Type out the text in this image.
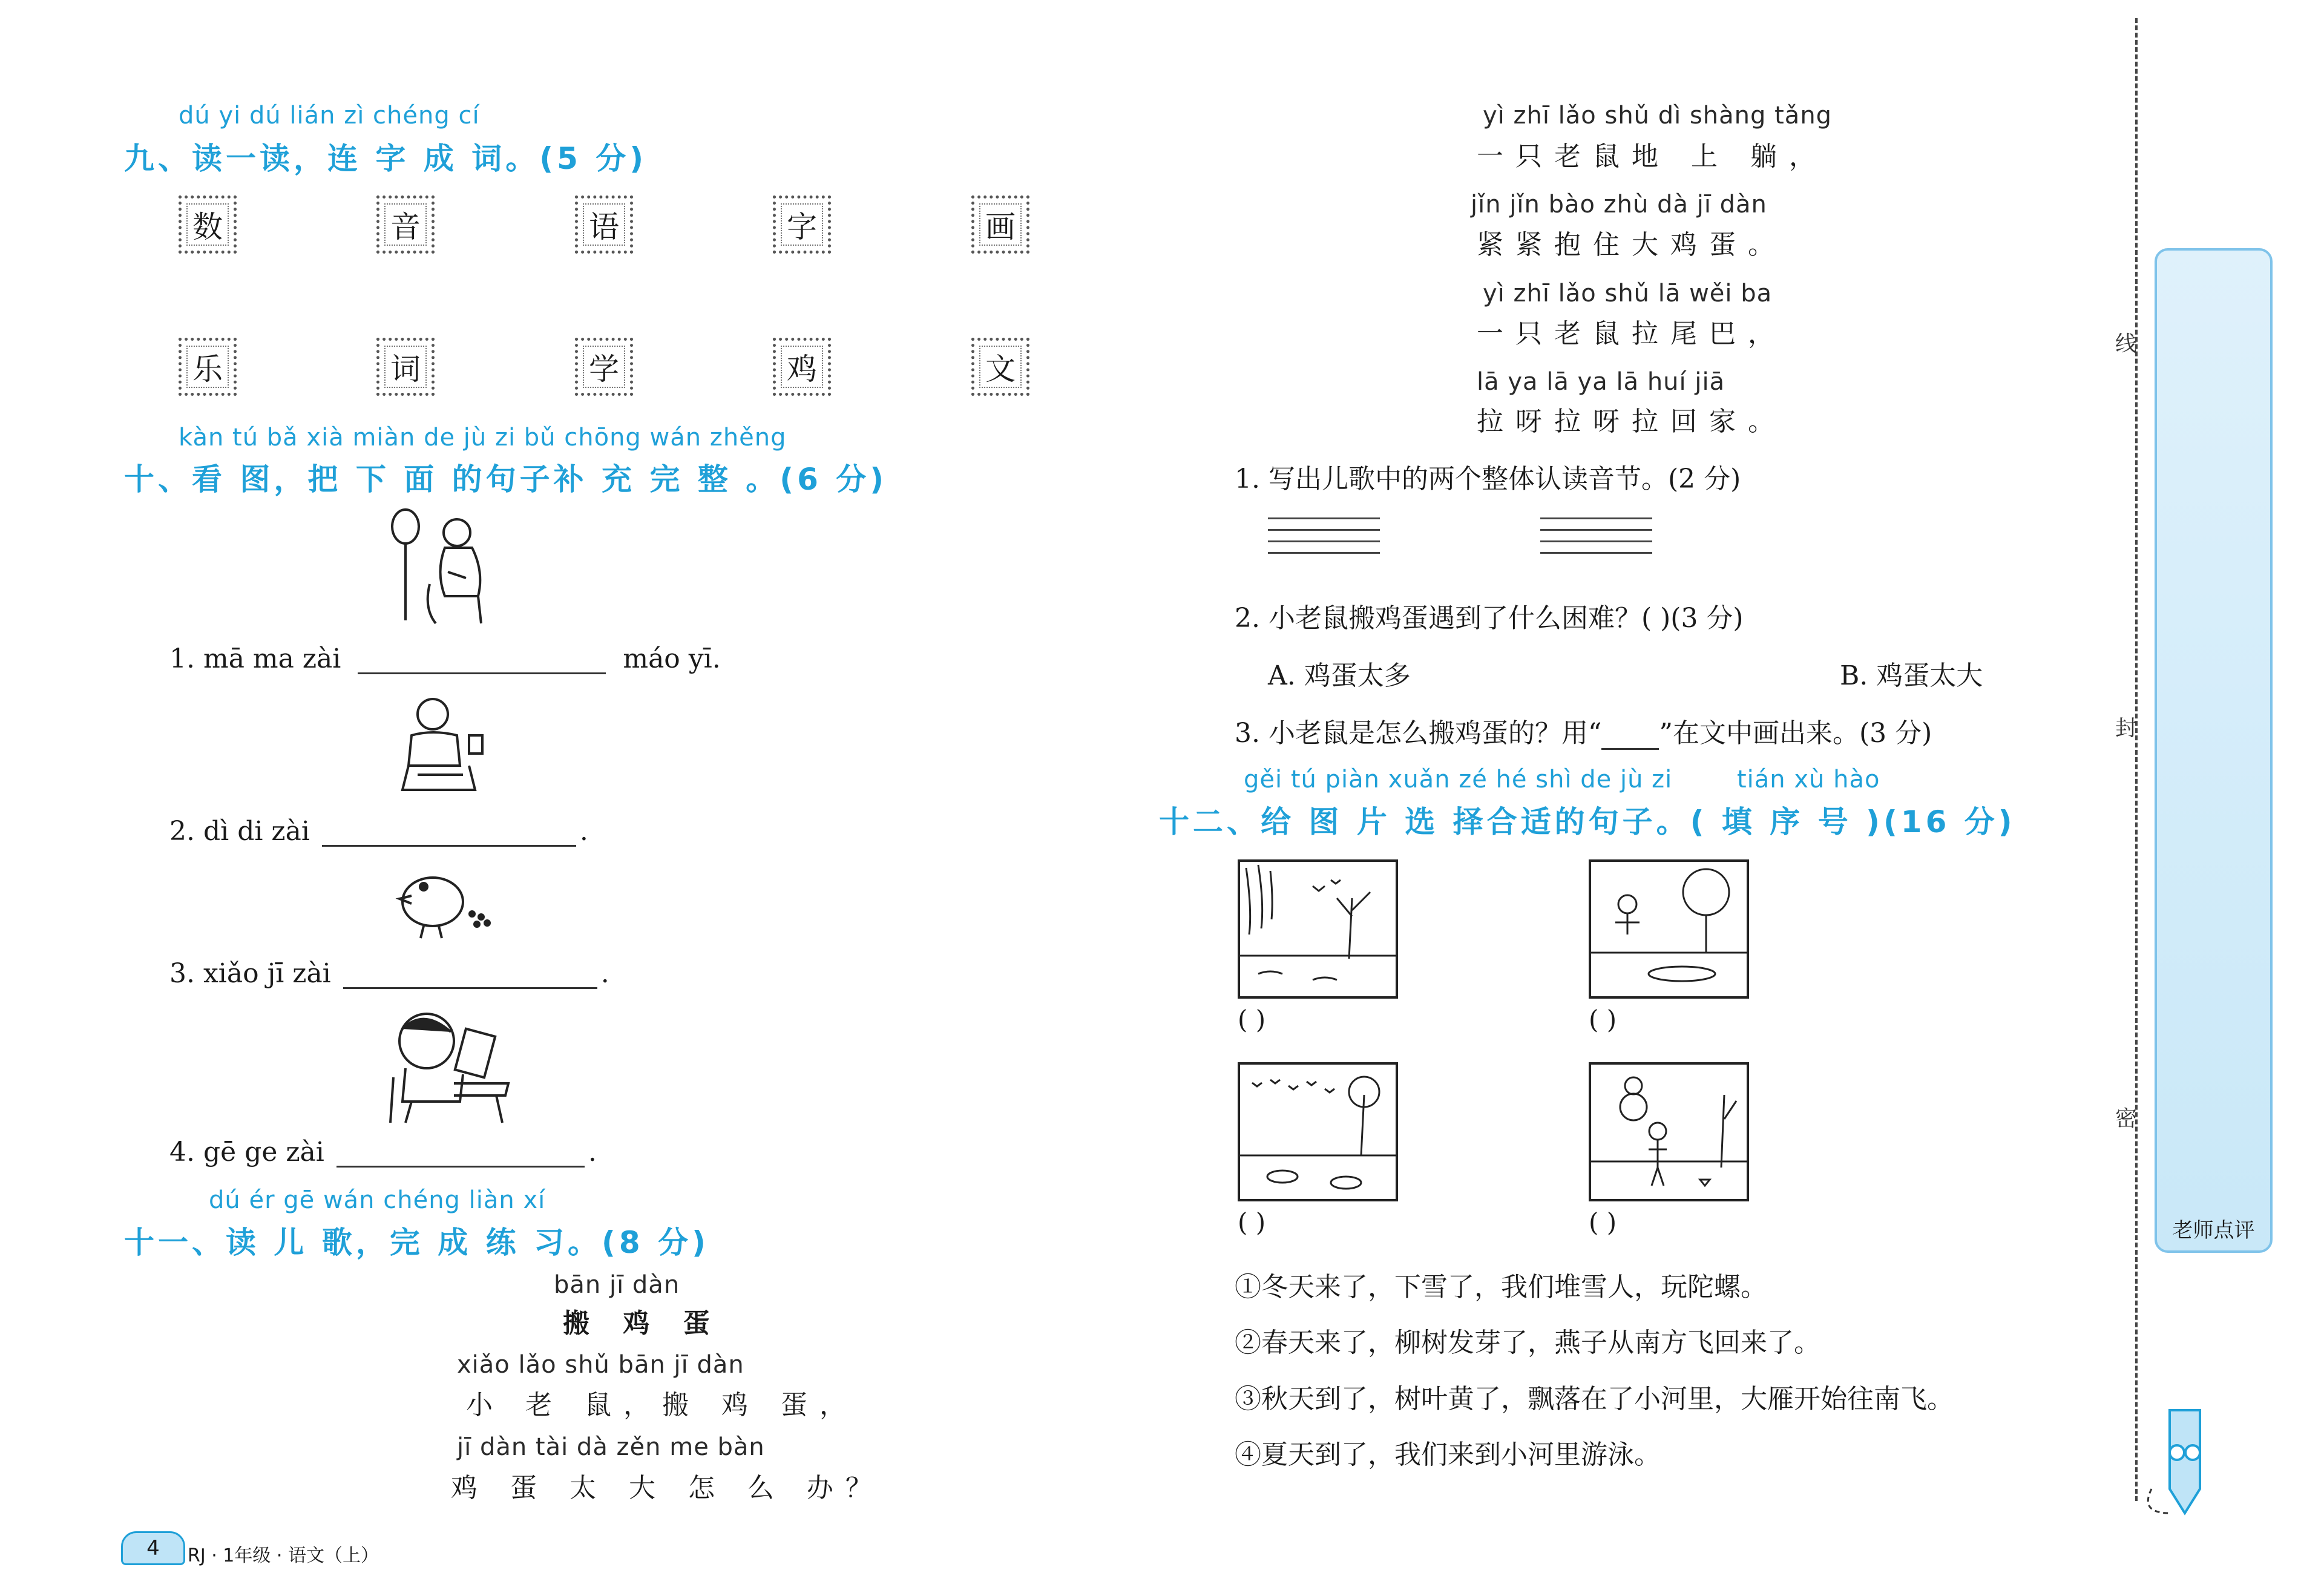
dú yi dú lián zì chéng cí
九、读一读，连 字 成 词。(5 分)
数	音	语	字	画
乐	词	学	鸡	文
kàn tú bǎ xià miàn de jù zi bǔ chōng wán zhěng
十、看 图，把 下 面 的句子补 充 完 整 。(6 分)
1. mā ma zài	máo yī.
2. dì di zài	.
3. xiǎo jī zài	.
4. gē ge zài	.
dú ér gē wán chéng liàn xí
十一、读 儿 歌，完 成 练 习。(8 分)
bān jī dàn
搬 鸡 蛋
xiǎo lǎo shǔ bān jī dàn
小 老 鼠，搬 鸡 蛋，
jī dàn tài dà zěn me bàn
鸡 蛋 太 大 怎 么 办？
yì zhī lǎo shǔ dì shàng tǎng
一只老鼠地 上 躺，
jǐn jǐn bào zhù dà jī dàn
紧紧抱住大鸡蛋。
yì zhī lǎo shǔ lā wěi ba
一只老鼠拉尾巴，
lā ya lā ya lā huí jiā
拉呀拉呀拉回家。
1. 写出儿歌中的两个整体认读音节。(2 分)
2. 小老鼠搬鸡蛋遇到了什么困难？( )(3 分)
A. 鸡蛋太多	B. 鸡蛋太大
3. 小老鼠是怎么搬鸡蛋的？用“ ”在文中画出来。(3 分)
gěi tú piàn xuǎn zé hé shì de jù zi	tián xù hào
十二、给 图 片 选 择合适的句子。( 填 序 号 )(16 分)
( )	( )
( )	( )
①冬天来了，下雪了，我们堆雪人，玩陀螺。
②春天来了，柳树发芽了，燕子从南方飞回来了。
③秋天到了，树叶黄了，飘落在了小河里，大雁开始往南飞。
④夏天到了，我们来到小河里游泳。
线
封
密
老师点评
4	RJ · 1年级 · 语文（上）
